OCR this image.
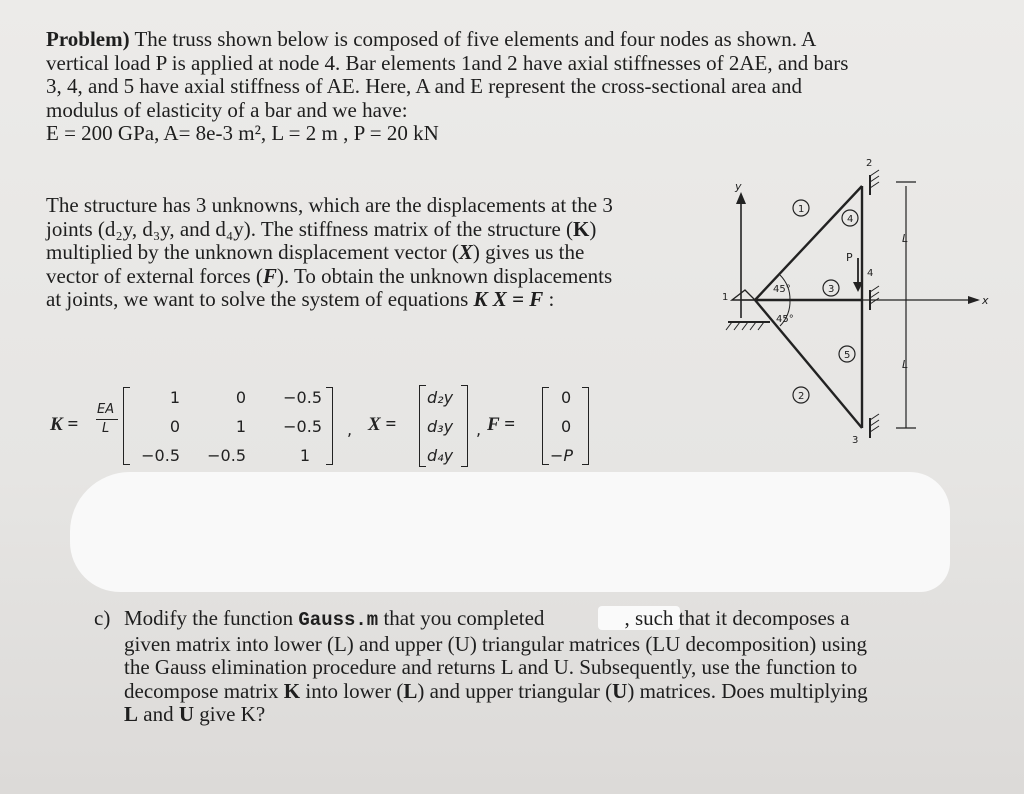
Problem) The truss shown below is composed of five elements and four nodes as shown. A
vertical load P is applied at node 4. Bar elements 1and 2 have axial stiffnesses of 2AE, and bars
3, 4, and 5 have axial stiffness of AE. Here, A and E represent the cross-sectional area and
modulus of elasticity of a bar and we have:
E = 200 GPa, A= 8e-3 m², L = 2 m , P = 20 kN
The structure has 3 unknowns, which are the displacements at the 3
joints (d₂y, d₃y, and d₄y). The stiffness matrix of the structure (K)
multiplied by the unknown displacement vector (X) gives us the
vector of external forces (F). To obtain the unknown displacements
at joints, we want to solve the system of equations K X = F :
K =
EA
L
1	0	−0.5
0	1	−0.5
−0.5	−0.5	1
, X =
d₂y
d₃y
d₄y
, F =
0
0
−P
y
x
1
2
3
4
P
L
L
45°
45°
1
4
3
5
2
c) Modify the function Gauss.m that you completed	, such that it decomposes a
given matrix into lower (L) and upper (U) triangular matrices (LU decomposition) using
the Gauss elimination procedure and returns L and U. Subsequently, use the function to
decompose matrix K into lower (L) and upper triangular (U) matrices. Does multiplying
L and U give K?
